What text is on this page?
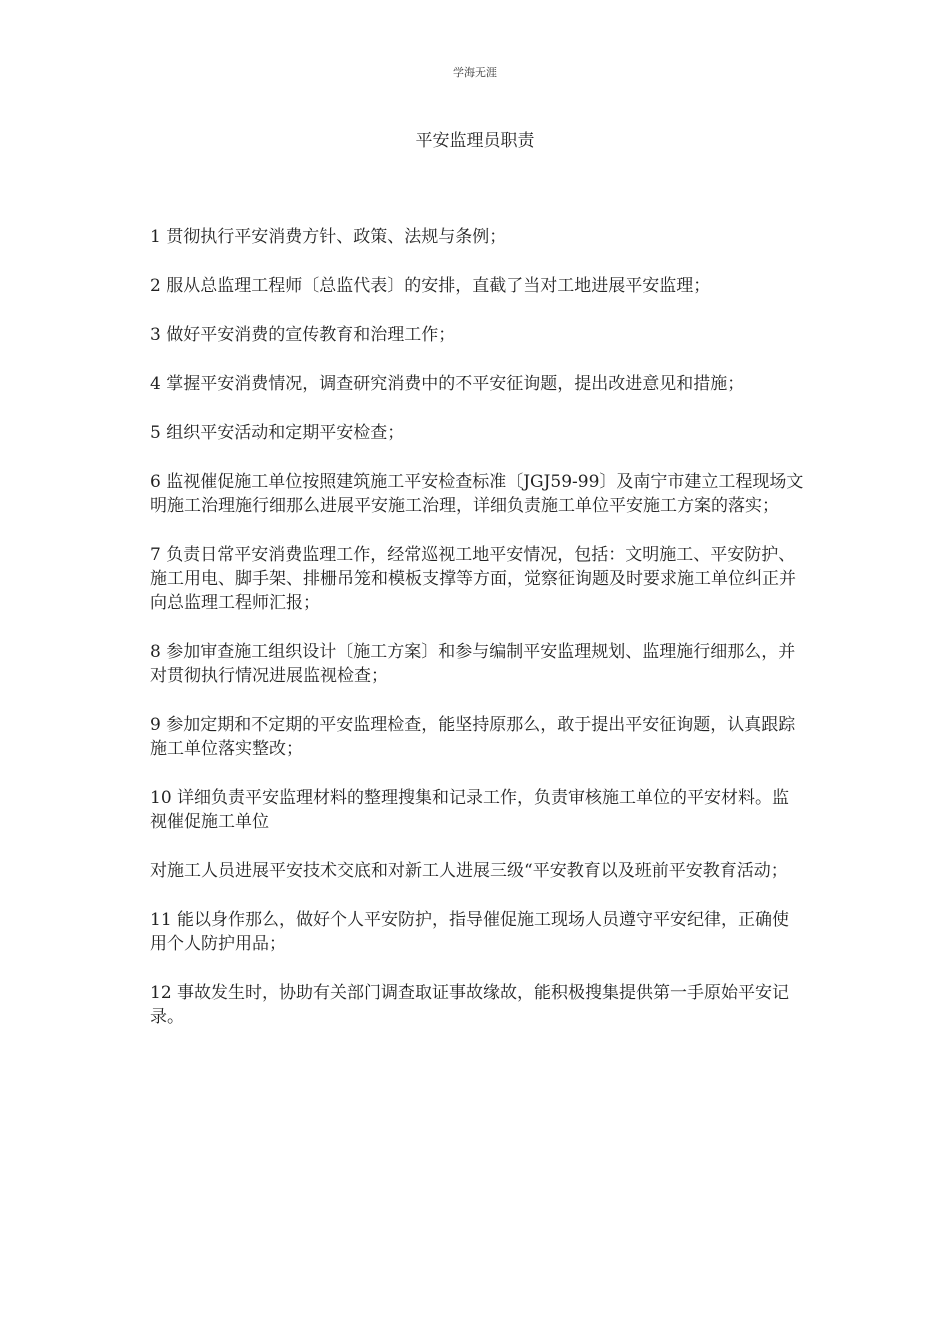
学海无涯
平安监理员职责

1 贯彻执行平安消费方针、政策、法规与条例；

2 服从总监理工程师〔总监代表〕的安排，直截了当对工地进展平安监理；

3 做好平安消费的宣传教育和治理工作；

4 掌握平安消费情况，调查研究消费中的不平安征询题，提出改进意见和措施；

5 组织平安活动和定期平安检查；

6 监视催促施工单位按照建筑施工平安检查标准〔JGJ59-99〕及南宁市建立工程现场文明施工治理施行细那么进展平安施工治理，详细负责施工单位平安施工方案的落实；

7 负责日常平安消费监理工作，经常巡视工地平安情况，包括：文明施工、平安防护、施工用电、脚手架、排栅吊笼和模板支撑等方面，觉察征询题及时要求施工单位纠正并向总监理工程师汇报；

8 参加审查施工组织设计〔施工方案〕和参与编制平安监理规划、监理施行细那么，并对贯彻执行情况进展监视检查；

9 参加定期和不定期的平安监理检查，能坚持原那么，敢于提出平安征询题，认真跟踪施工单位落实整改；

10 详细负责平安监理材料的整理搜集和记录工作，负责审核施工单位的平安材料。监视催促施工单位

对施工人员进展平安技术交底和对新工人进展三级“平安教育以及班前平安教育活动；

11 能以身作那么，做好个人平安防护，指导催促施工现场人员遵守平安纪律，正确使用个人防护用品；

12 事故发生时，协助有关部门调查取证事故缘故，能积极搜集提供第一手原始平安记录。
